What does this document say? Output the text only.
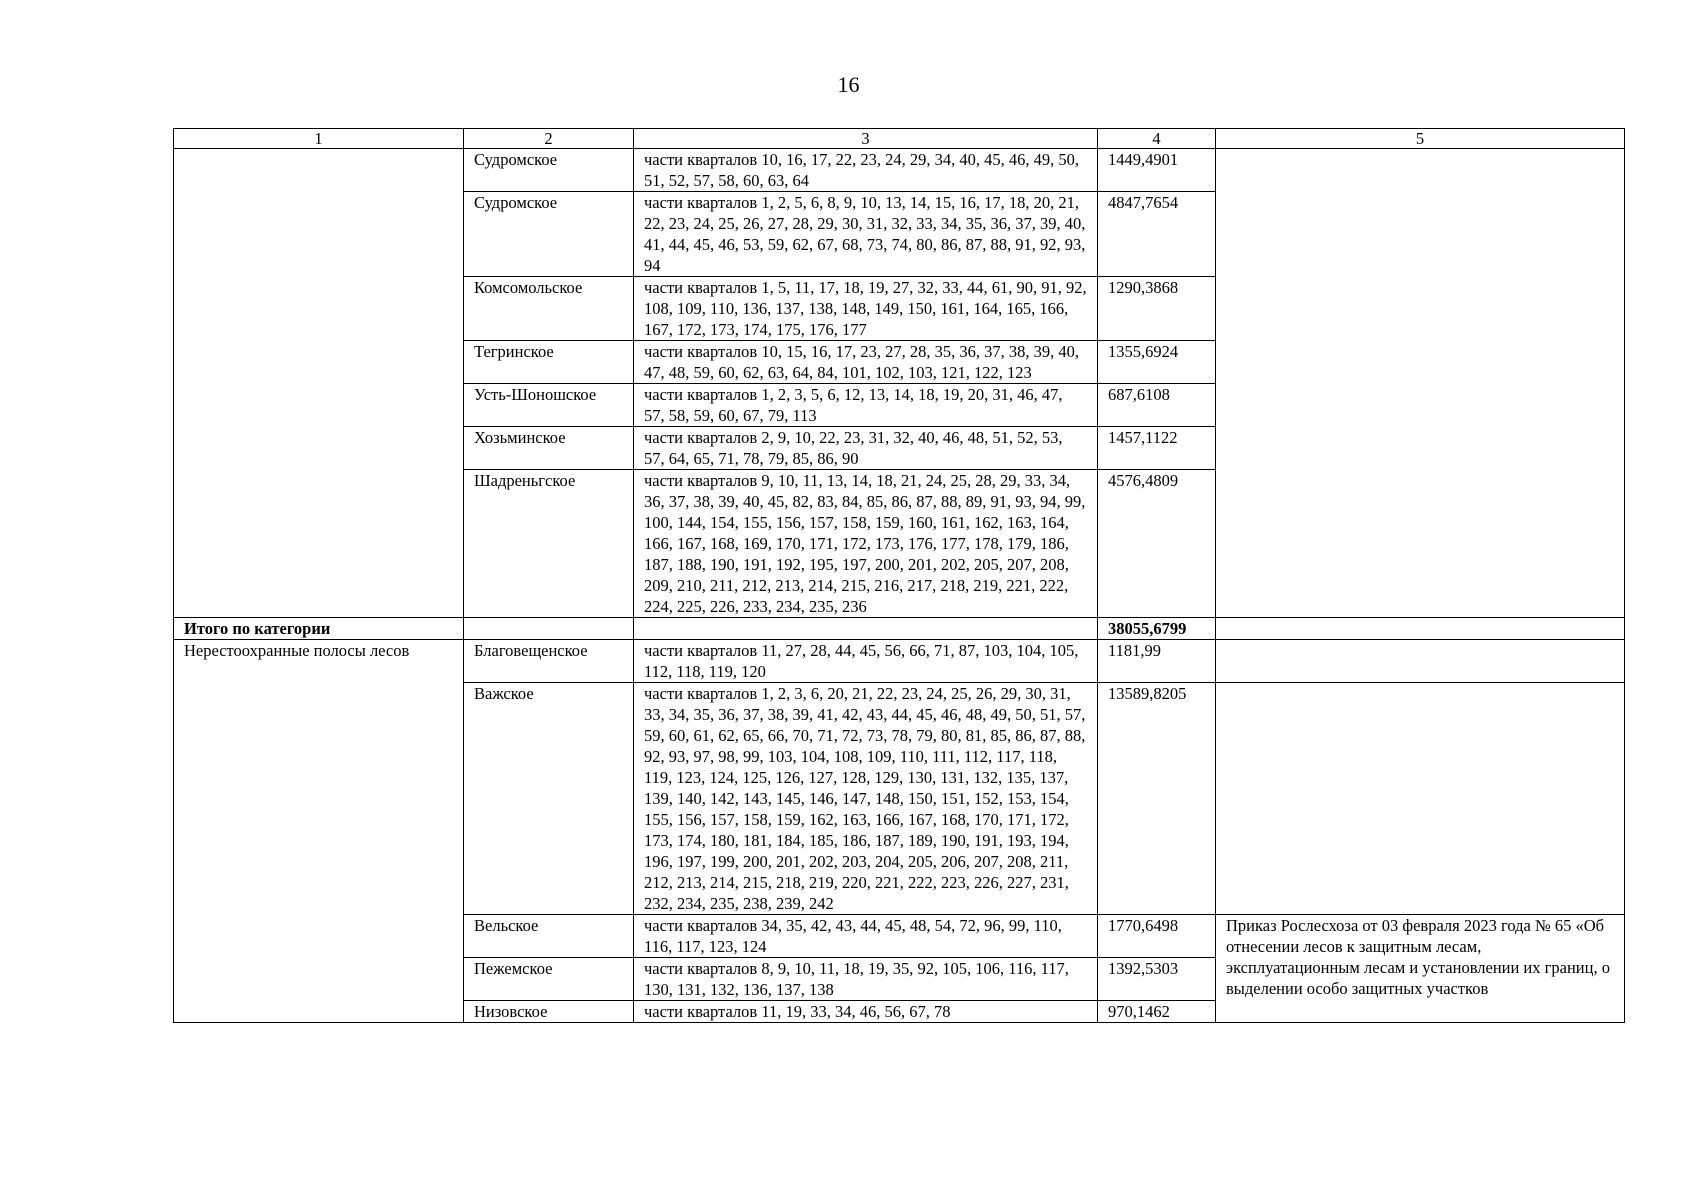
16
1	2	3	4	5
	Судромское	части кварталов 10, 16, 17, 22, 23, 24, 29, 34, 40, 45, 46, 49, 50, 51, 52, 57, 58, 60, 63, 64	1449,4901	
	Судромское	части кварталов 1, 2, 5, 6, 8, 9, 10, 13, 14, 15, 16, 17, 18, 20, 21, 22, 23, 24, 25, 26, 27, 28, 29, 30, 31, 32, 33, 34, 35, 36, 37, 39, 40, 41, 44, 45, 46, 53, 59, 62, 67, 68, 73, 74, 80, 86, 87, 88, 91, 92, 93, 94	4847,7654	
	Комсомольское	части кварталов 1, 5, 11, 17, 18, 19, 27, 32, 33, 44, 61, 90, 91, 92, 108, 109, 110, 136, 137, 138, 148, 149, 150, 161, 164, 165, 166, 167, 172, 173, 174, 175, 176, 177	1290,3868	
	Тегринское	части кварталов 10, 15, 16, 17, 23, 27, 28, 35, 36, 37, 38, 39, 40, 47, 48, 59, 60, 62, 63, 64, 84, 101, 102, 103, 121, 122, 123	1355,6924	
	Усть-Шоношское	части кварталов 1, 2, 3, 5, 6, 12, 13, 14, 18, 19, 20, 31, 46, 47, 57, 58, 59, 60, 67, 79, 113	687,6108	
	Хозьминское	части кварталов 2, 9, 10, 22, 23, 31, 32, 40, 46, 48, 51, 52, 53, 57, 64, 65, 71, 78, 79, 85, 86, 90	1457,1122	
	Шадреньгское	части кварталов 9, 10, 11, 13, 14, 18, 21, 24, 25, 28, 29, 33, 34, 36, 37, 38, 39, 40, 45, 82, 83, 84, 85, 86, 87, 88, 89, 91, 93, 94, 99, 100, 144, 154, 155, 156, 157, 158, 159, 160, 161, 162, 163, 164, 166, 167, 168, 169, 170, 171, 172, 173, 176, 177, 178, 179, 186, 187, 188, 190, 191, 192, 195, 197, 200, 201, 202, 205, 207, 208, 209, 210, 211, 212, 213, 214, 215, 216, 217, 218, 219, 221, 222, 224, 225, 226, 233, 234, 235, 236	4576,4809	
Итого по категории			38055,6799	
Нерестоохранные полосы лесов	Благовещенское	части кварталов 11, 27, 28, 44, 45, 56, 66, 71, 87, 103, 104, 105, 112, 118, 119, 120	1181,99	
	Важское	части кварталов 1, 2, 3, 6, 20, 21, 22, 23, 24, 25, 26, 29, 30, 31, 33, 34, 35, 36, 37, 38, 39, 41, 42, 43, 44, 45, 46, 48, 49, 50, 51, 57, 59, 60, 61, 62, 65, 66, 70, 71, 72, 73, 78, 79, 80, 81, 85, 86, 87, 88, 92, 93, 97, 98, 99, 103, 104, 108, 109, 110, 111, 112, 117, 118, 119, 123, 124, 125, 126, 127, 128, 129, 130, 131, 132, 135, 137, 139, 140, 142, 143, 145, 146, 147, 148, 150, 151, 152, 153, 154, 155, 156, 157, 158, 159, 162, 163, 166, 167, 168, 170, 171, 172, 173, 174, 180, 181, 184, 185, 186, 187, 189, 190, 191, 193, 194, 196, 197, 199, 200, 201, 202, 203, 204, 205, 206, 207, 208, 211, 212, 213, 214, 215, 218, 219, 220, 221, 222, 223, 226, 227, 231, 232, 234, 235, 238, 239, 242	13589,8205	
	Вельское	части кварталов 34, 35, 42, 43, 44, 45, 48, 54, 72, 96, 99, 110, 116, 117, 123, 124	1770,6498	Приказ Рослесхоза от 03 февраля 2023 года № 65 «Об отнесении лесов к защитным лесам, эксплуатационным лесам и установлении их границ, о выделении особо защитных участков
	Пежемское	части кварталов 8, 9, 10, 11, 18, 19, 35, 92, 105, 106, 116, 117, 130, 131, 132, 136, 137, 138	1392,5303	
	Низовское	части кварталов 11, 19, 33, 34, 46, 56, 67, 78	970,1462	
